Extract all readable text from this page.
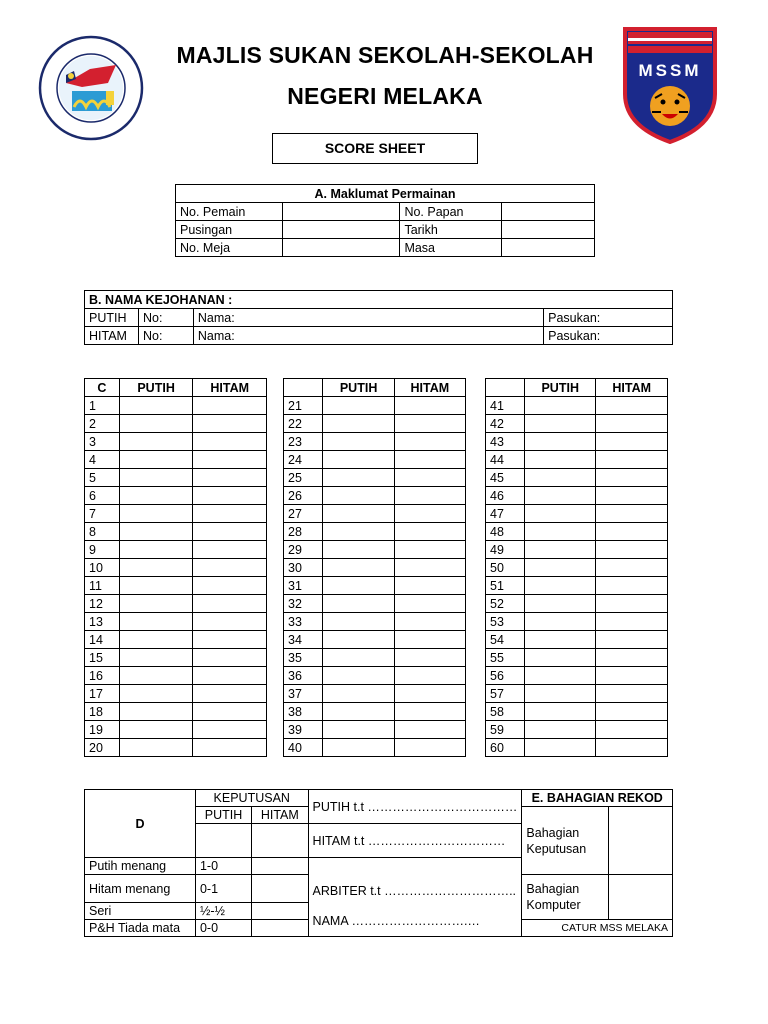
MSSM
MAJLIS SUKAN SEKOLAH-SEKOLAH
NEGERI MELAKA
SCORE SHEET
A. Maklumat Permainan			
No. Pemain		No. Papan	
Pusingan		Tarikh	
No. Meja		Masa	
B. NAMA KEJOHANAN :			
PUTIH	No:	Nama:	Pasukan:
HITAM	No:	Nama:	Pasukan:
C	PUTIH	HITAM
1		
2		
3		
4		
5		
6		
7		
8		
9		
10		
11		
12		
13		
14		
15		
16		
17		
18		
19		
20		
	PUTIH	HITAM
21		
22		
23		
24		
25		
26		
27		
28		
29		
30		
31		
32		
33		
34		
35		
36		
37		
38		
39		
40		
	PUTIH	HITAM
41		
42		
43		
44		
45		
46		
47		
48		
49		
50		
51		
52		
53		
54		
55		
56		
57		
58		
59		
60		
D	KEPUTUSAN		PUTIH t.t ………………………………	E. BAHAGIAN REKOD	
	PUTIH	HITAM		Bahagian Keputusan	
			HITAM t.t ……………………………		
Putih menang	1-0		ARBITER t.t …………………………..
NAMA ……………………….…		

Hitam menang	0-1			Bahagian Komputer	
Seri	½-½				
P&H Tiada mata	0-0			CATUR MSS MELAKA	
